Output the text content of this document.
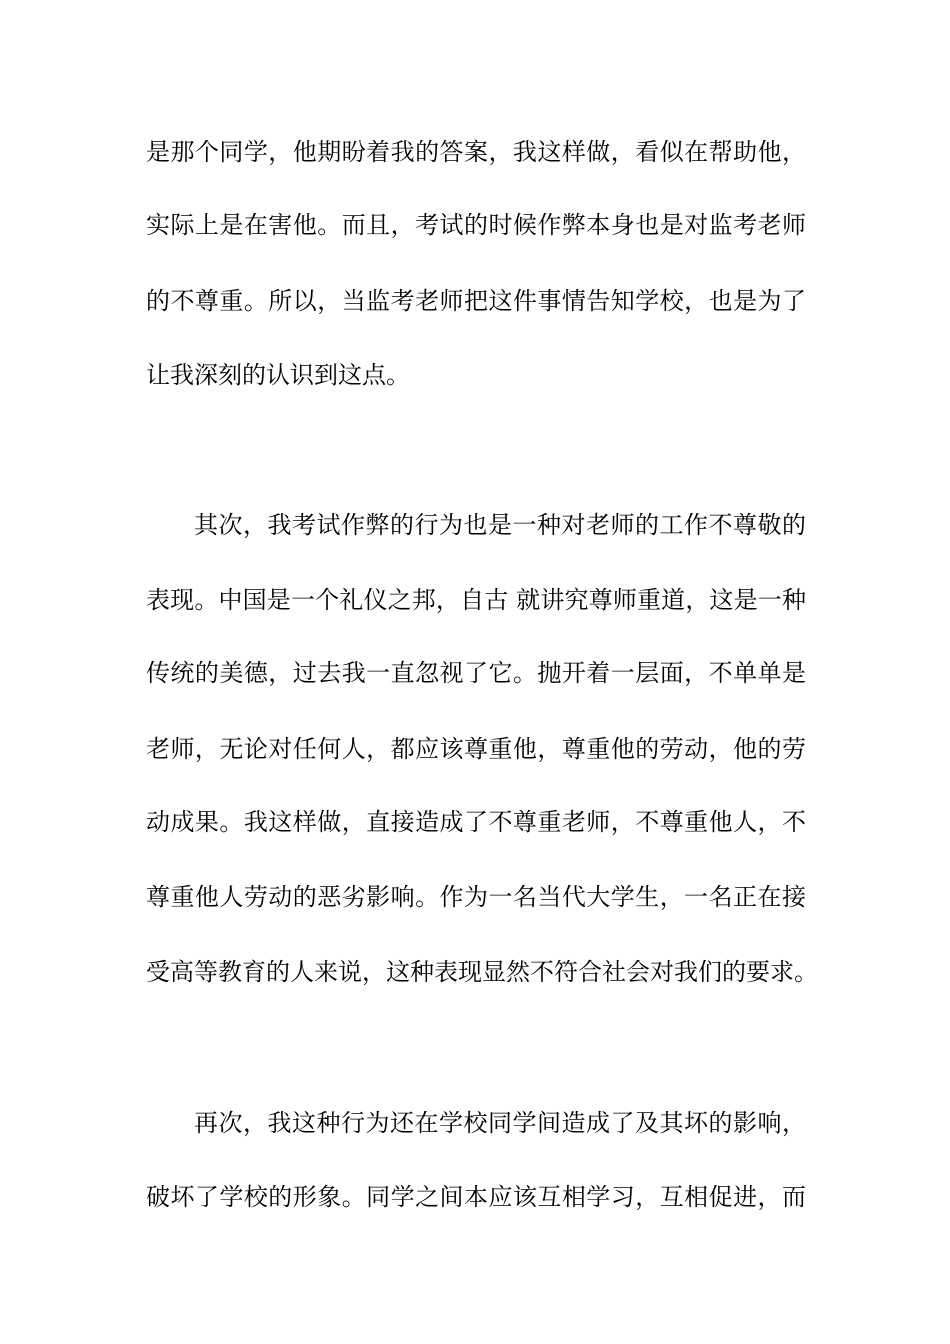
是那个同学，他期盼着我的答案，我这样做，看似在帮助他，
实际上是在害他。而且，考试的时候作弊本身也是对监考老师
的不尊重。所以，当监考老师把这件事情告知学校，也是为了
让我深刻的认识到这点。
其次，我考试作弊的行为也是一种对老师的工作不尊敬的
表现。中国是一个礼仪之邦，自古 就讲究尊师重道，这是一种
传统的美德，过去我一直忽视了它。抛开着一层面，不单单是
老师，无论对任何人，都应该尊重他，尊重他的劳动，他的劳
动成果。我这样做，直接造成了不尊重老师，不尊重他人，不
尊重他人劳动的恶劣影响。作为一名当代大学生，一名正在接
受高等教育的人来说，这种表现显然不符合社会对我们的要求。
再次，我这种行为还在学校同学间造成了及其坏的影响，
破坏了学校的形象。同学之间本应该互相学习，互相促进，而
